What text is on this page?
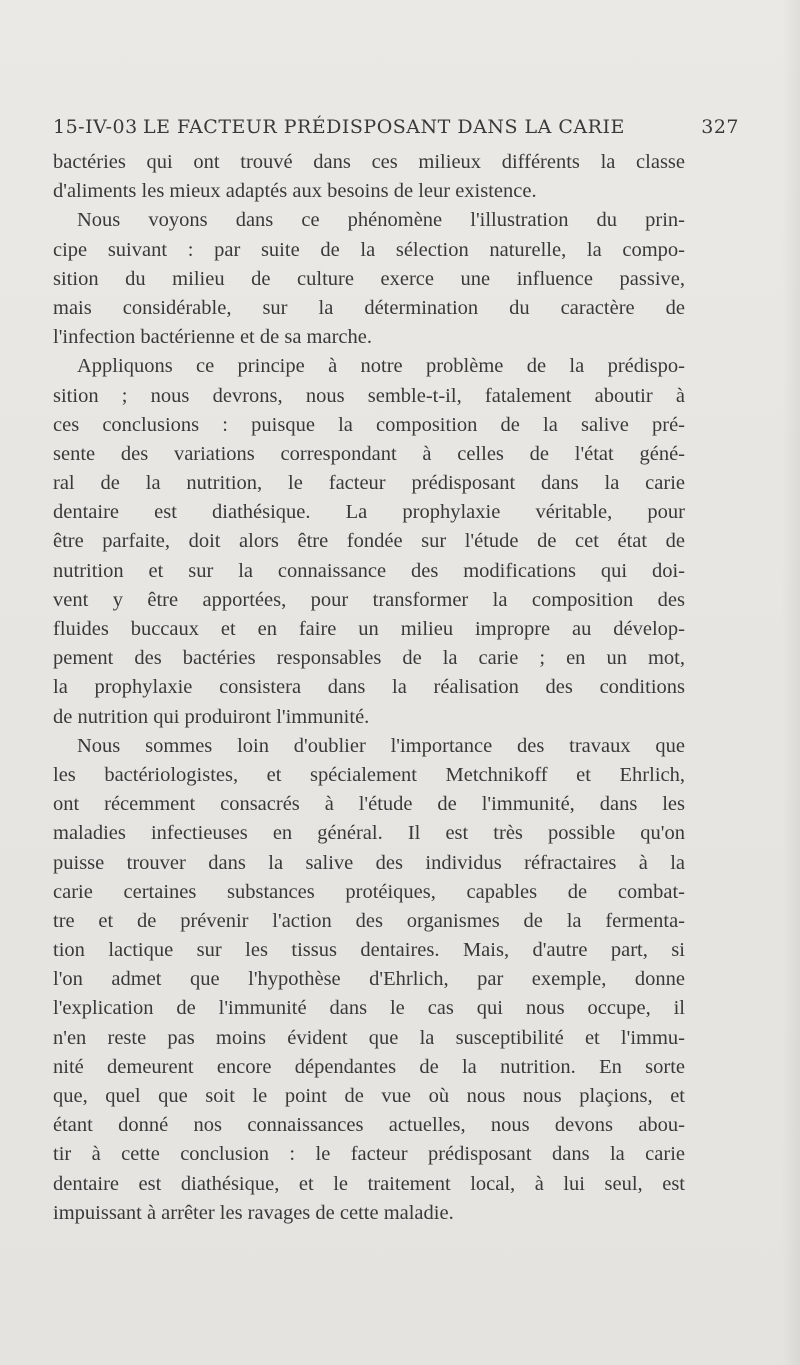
15-IV-03 LE FACTEUR PRÉDISPOSANT DANS LA CARIE	327
bactéries qui ont trouvé dans ces milieux différents la classe
d'aliments les mieux adaptés aux besoins de leur existence.
Nous voyons dans ce phénomène l'illustration du prin-
cipe suivant : par suite de la sélection naturelle, la compo-
sition du milieu de culture exerce une influence passive,
mais considérable, sur la détermination du caractère de
l'infection bactérienne et de sa marche.
Appliquons ce principe à notre problème de la prédispo-
sition ; nous devrons, nous semble-t-il, fatalement aboutir à
ces conclusions : puisque la composition de la salive pré-
sente des variations correspondant à celles de l'état géné-
ral de la nutrition, le facteur prédisposant dans la carie
dentaire est diathésique. La prophylaxie véritable, pour
être parfaite, doit alors être fondée sur l'étude de cet état de
nutrition et sur la connaissance des modifications qui doi-
vent y être apportées, pour transformer la composition des
fluides buccaux et en faire un milieu impropre au dévelop-
pement des bactéries responsables de la carie ; en un mot,
la prophylaxie consistera dans la réalisation des conditions
de nutrition qui produiront l'immunité.
Nous sommes loin d'oublier l'importance des travaux que
les bactériologistes, et spécialement Metchnikoff et Ehrlich,
ont récemment consacrés à l'étude de l'immunité, dans les
maladies infectieuses en général. Il est très possible qu'on
puisse trouver dans la salive des individus réfractaires à la
carie certaines substances protéiques, capables de combat-
tre et de prévenir l'action des organismes de la fermenta-
tion lactique sur les tissus dentaires. Mais, d'autre part, si
l'on admet que l'hypothèse d'Ehrlich, par exemple, donne
l'explication de l'immunité dans le cas qui nous occupe, il
n'en reste pas moins évident que la susceptibilité et l'immu-
nité demeurent encore dépendantes de la nutrition. En sorte
que, quel que soit le point de vue où nous nous plaçions, et
étant donné nos connaissances actuelles, nous devons abou-
tir à cette conclusion : le facteur prédisposant dans la carie
dentaire est diathésique, et le traitement local, à lui seul, est
impuissant à arrêter les ravages de cette maladie.
